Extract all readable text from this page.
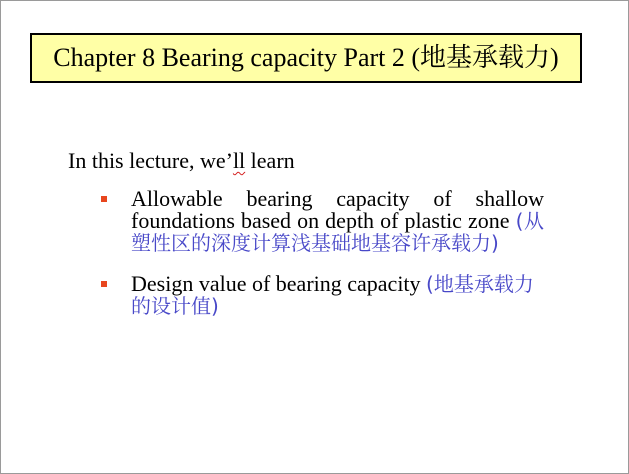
Chapter 8 Bearing capacity Part 2 (地基承载力)
In this lecture, we’ll learn
Allowable bearing capacity of shallow foundations based on depth of plastic zone (从塑性区的深度计算浅基础地基容许承载力)
Design value of bearing capacity (地基承载力的设计值)
